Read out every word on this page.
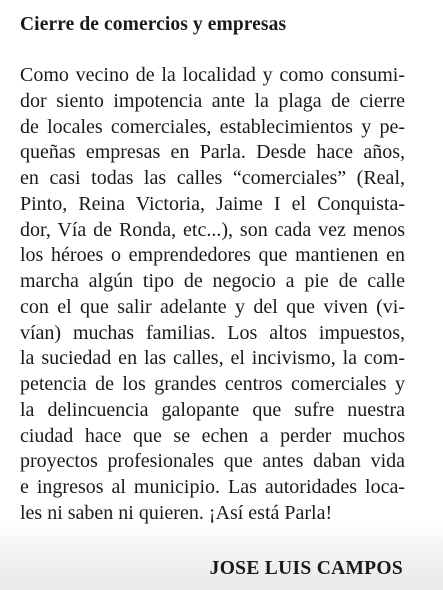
Cierre de comercios y empresas
Como vecino de la localidad y como consumi-
dor siento impotencia ante la plaga de cierre
de locales comerciales, establecimientos y pe-
queñas empresas en Parla. Desde hace años,
en casi todas las calles “comerciales” (Real,
Pinto, Reina Victoria, Jaime I el Conquista-
dor, Vía de Ronda, etc...), son cada vez menos
los héroes o emprendedores que mantienen en
marcha algún tipo de negocio a pie de calle
con el que salir adelante y del que viven (vi-
vían) muchas familias. Los altos impuestos,
la suciedad en las calles, el incivismo, la com-
petencia de los grandes centros comerciales y
la delincuencia galopante que sufre nuestra
ciudad hace que se echen a perder muchos
proyectos profesionales que antes daban vida
e ingresos al municipio. Las autoridades loca-
les ni saben ni quieren. ¡Así está Parla!

JOSE LUIS CAMPOS
